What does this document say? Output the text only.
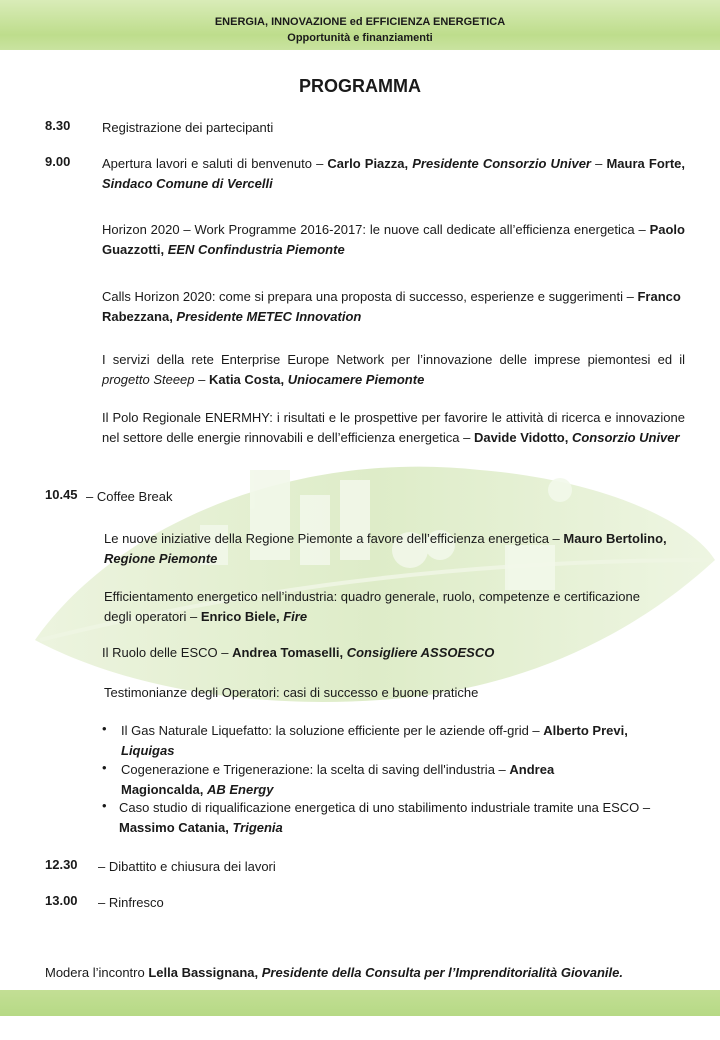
ENERGIA, INNOVAZIONE ed EFFICIENZA ENERGETICA
Opportunità e finanziamenti
PROGRAMMA
8.30 Registrazione dei partecipanti
9.00 Apertura lavori e saluti di benvenuto – Carlo Piazza, Presidente Consorzio Univer – Maura Forte, Sindaco Comune di Vercelli
Horizon 2020 – Work Programme 2016-2017: le nuove call dedicate all’efficienza energetica – Paolo Guazzotti, EEN Confindustria Piemonte
Calls Horizon 2020: come si prepara una proposta di successo, esperienze e suggerimenti – Franco Rabezzana, Presidente METEC Innovation
I servizi della rete Enterprise Europe Network per l’innovazione delle imprese piemontesi ed il progetto Steeep – Katia Costa, Uniocamere Piemonte
Il Polo Regionale ENERMHY: i risultati e le prospettive per favorire le attività di ricerca e innovazione nel settore delle energie rinnovabili e dell’efficienza energetica – Davide Vidotto, Consorzio Univer
10.45 – Coffee Break
Le nuove iniziative della Regione Piemonte a favore dell’efficienza energetica – Mauro Bertolino, Regione Piemonte
Efficientamento energetico nell’industria: quadro generale, ruolo, competenze e certificazione degli operatori – Enrico Biele, Fire
Il Ruolo delle ESCO – Andrea Tomaselli, Consigliere ASSOESCO
Testimonianze degli Operatori: casi di successo e buone pratiche
• Il Gas Naturale Liquefatto: la soluzione efficiente per le aziende off-grid – Alberto Previ, Liquigas
• Cogenerazione e Trigenerazione: la scelta di saving dell'industria – Andrea Magioncalda, AB Energy
• Caso studio di riqualificazione energetica di uno stabilimento industriale tramite una ESCO – Massimo Catania, Trigenia
12.30 – Dibattito e chiusura dei lavori
13.00 – Rinfresco
Modera l’incontro Lella Bassignana, Presidente della Consulta per l’Imprenditorialità Giovanile.
